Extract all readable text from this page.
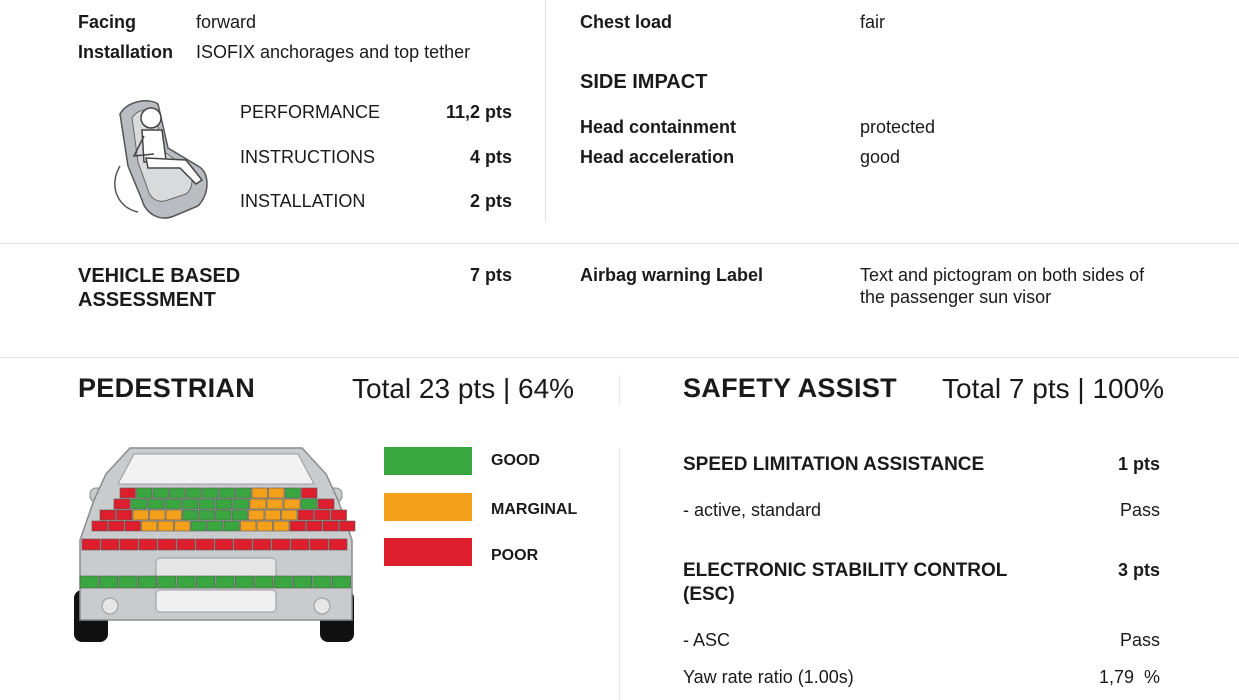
Facing	forward
Installation ISOFIX anchorages and top tether
PERFORMANCE	11,2 pts
INSTRUCTIONS	4 pts
INSTALLATION	2 pts
Chest load	fair
SIDE IMPACT
Head containment	protected
Head acceleration	good
VEHICLE BASED
ASSESSMENT
7 pts	Airbag warning Label	Text and pictogram on both sides of
the passenger sun visor
PEDESTRIAN	Total 23 pts | 64%
GOOD
MARGINAL
POOR
SAFETY ASSIST Total 7 pts | 100%
SPEED LIMITATION ASSISTANCE	1 pts
- active, standard	Pass
ELECTRONIC STABILITY CONTROL
(ESC)
3 pts
- ASC	Pass
Yaw rate ratio (1.00s)	1,79  %
